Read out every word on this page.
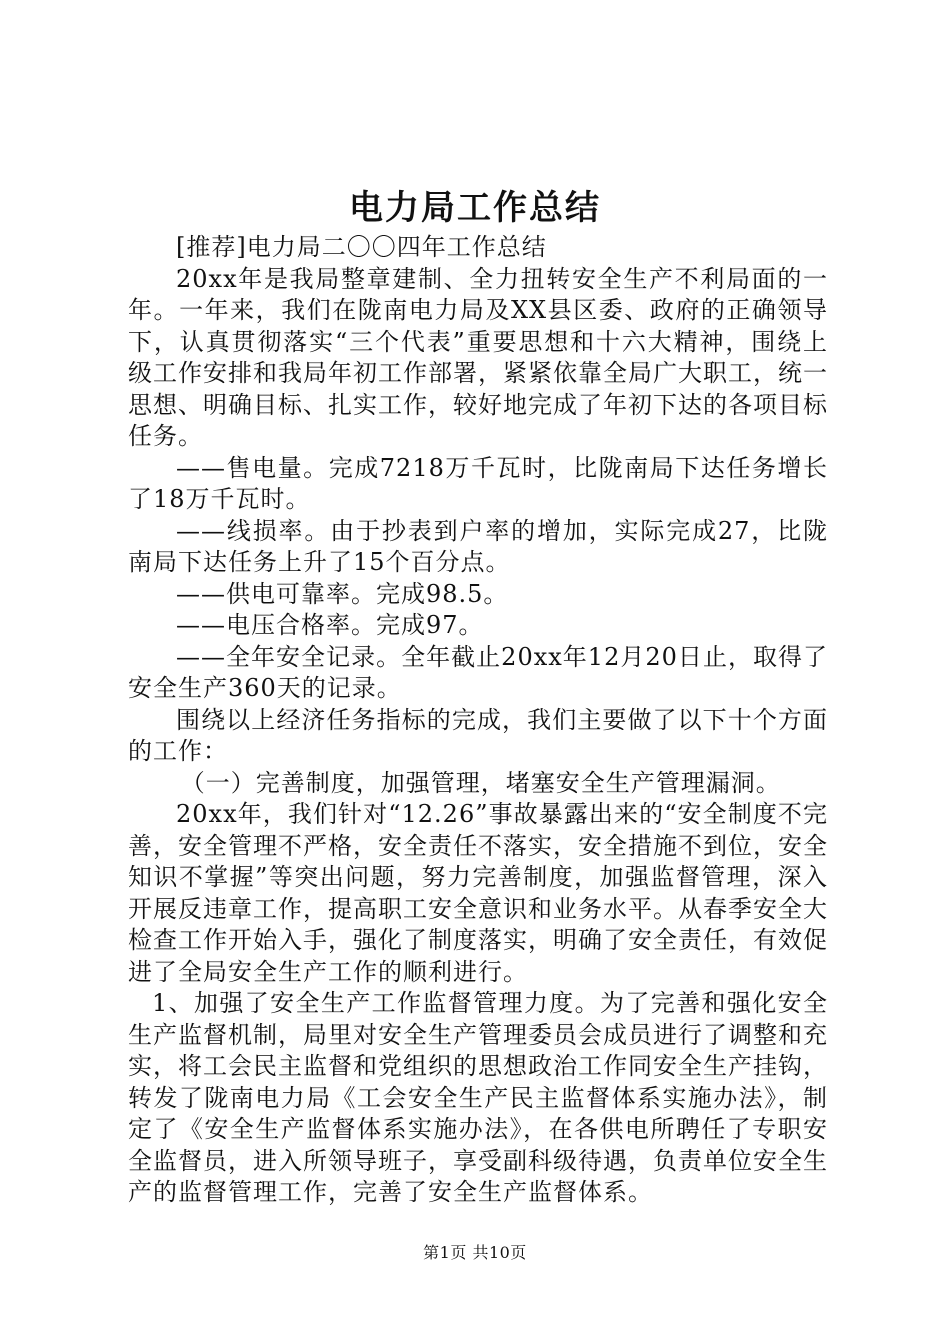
电力局工作总结

[推荐]电力局二〇〇四年工作总结

20xx年是我局整章建制、全力扭转安全生产不利局面的一年。一年来，我们在陇南电力局及XX县区委、政府的正确领导下，认真贯彻落实“三个代表”重要思想和十六大精神，围绕上级工作安排和我局年初工作部署，紧紧依靠全局广大职工，统一思想、明确目标、扎实工作，较好地完成了年初下达的各项目标任务。

——售电量。完成7218万千瓦时，比陇南局下达任务增长了18万千瓦时。

——线损率。由于抄表到户率的增加，实际完成27，比陇南局下达任务上升了15个百分点。

——供电可靠率。完成98.5。

——电压合格率。完成97。

——全年安全记录。全年截止20xx年12月20日止，取得了安全生产360天的记录。

围绕以上经济任务指标的完成，我们主要做了以下十个方面的工作：

（一）完善制度，加强管理，堵塞安全生产管理漏洞。

20xx年，我们针对“12.26”事故暴露出来的“安全制度不完善，安全管理不严格，安全责任不落实，安全措施不到位，安全知识不掌握”等突出问题，努力完善制度，加强监督管理，深入开展反违章工作，提高职工安全意识和业务水平。从春季安全大检查工作开始入手，强化了制度落实，明确了安全责任，有效促进了全局安全生产工作的顺利进行。

1、加强了安全生产工作监督管理力度。为了完善和强化安全生产监督机制，局里对安全生产管理委员会成员进行了调整和充实，将工会民主监督和党组织的思想政治工作同安全生产挂钩，转发了陇南电力局《工会安全生产民主监督体系实施办法》，制定了《安全生产监督体系实施办法》，在各供电所聘任了专职安全监督员，进入所领导班子，享受副科级待遇，负责单位安全生产的监督管理工作，完善了安全生产监督体系。

第1页 共10页
